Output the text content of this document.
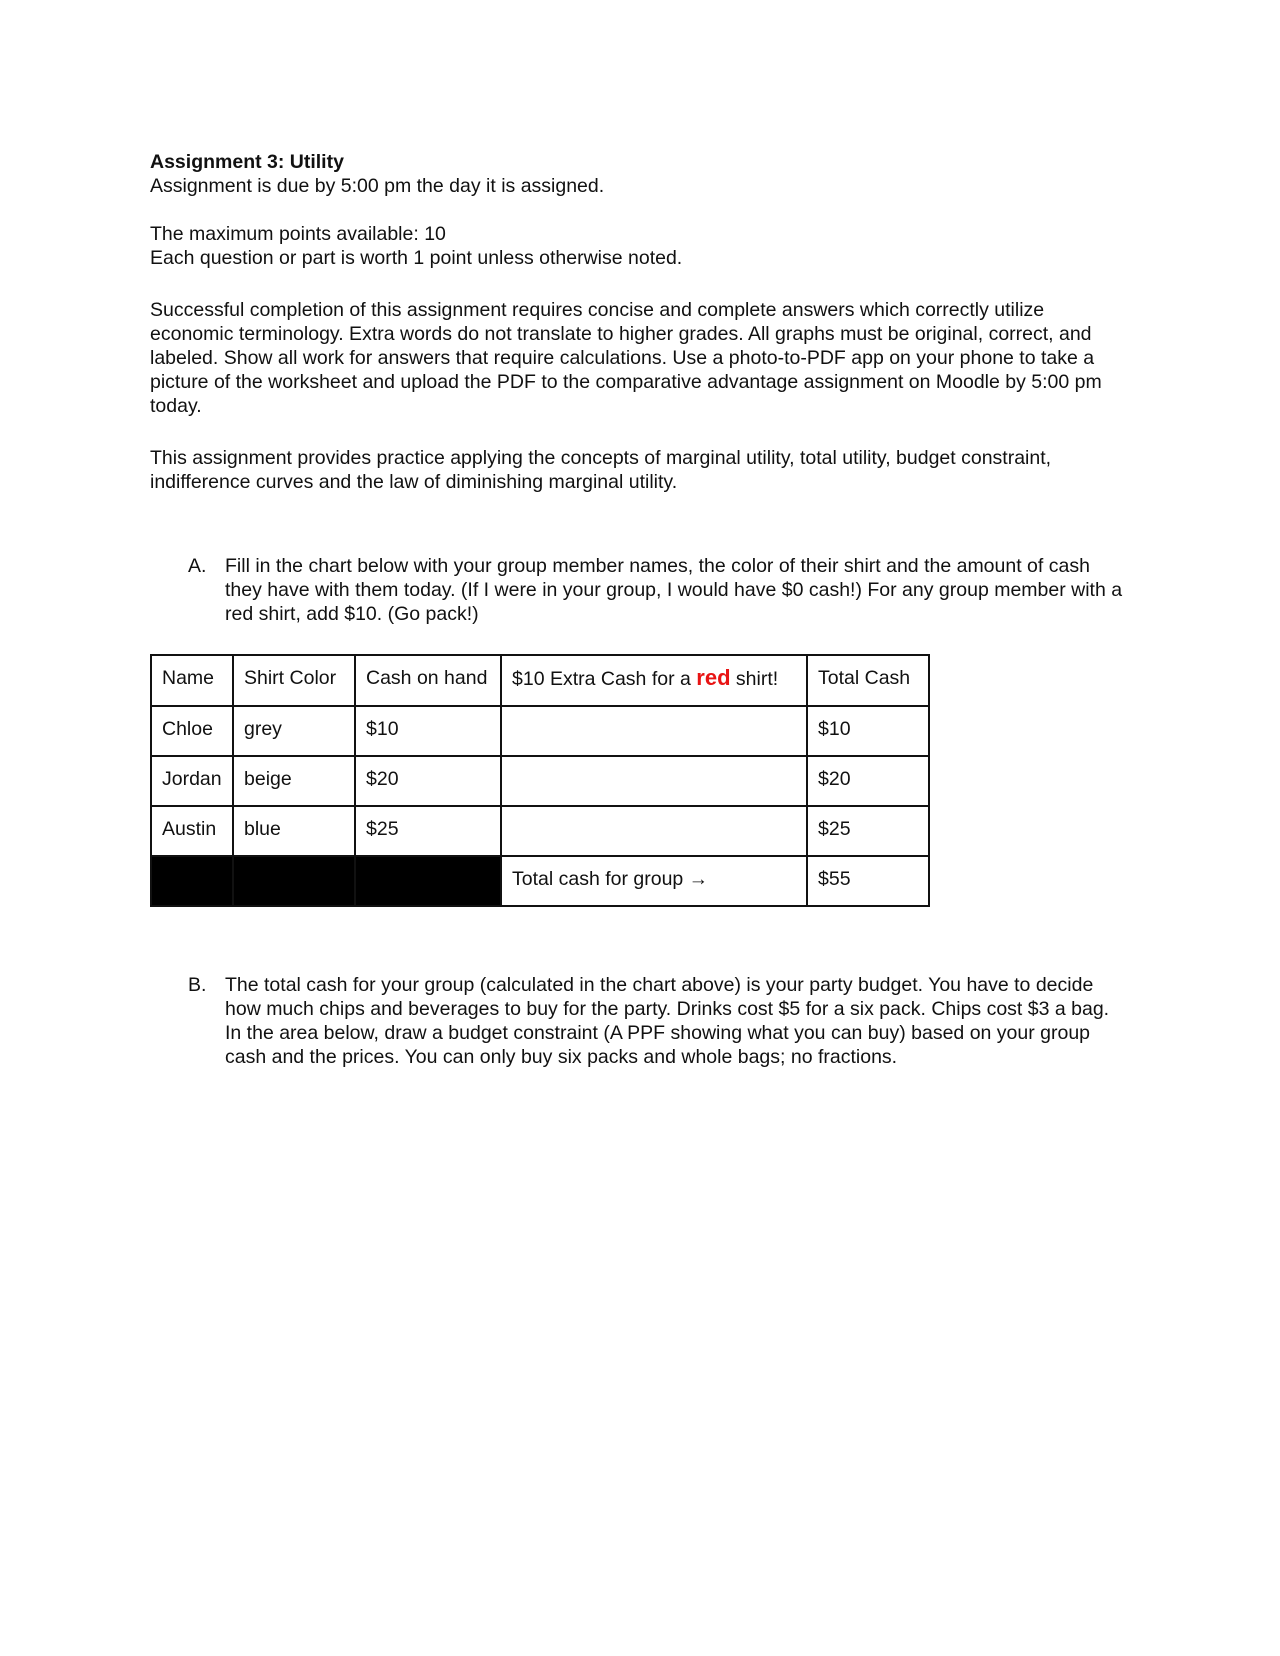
Assignment 3: Utility

Assignment is due by 5:00 pm the day it is assigned.

The maximum points available: 10

Each question or part is worth 1 point unless otherwise noted.

Successful completion of this assignment requires concise and complete answers which correctly utilize economic terminology. Extra words do not translate to higher grades. All graphs must be original, correct, and labeled. Show all work for answers that require calculations. Use a photo-to-PDF app on your phone to take a picture of the worksheet and upload the PDF to the comparative advantage assignment on Moodle by 5:00 pm today.

This assignment provides practice applying the concepts of marginal utility, total utility, budget constraint, indifference curves and the law of diminishing marginal utility.

A. Fill in the chart below with your group member names, the color of their shirt and the amount of cash they have with them today. (If I were in your group, I would have $0 cash!) For any group member with a red shirt, add $10. (Go pack!)
Name	Shirt Color	Cash on hand	$10 Extra Cash for a red shirt!	Total Cash
Chloe	grey	$10		$10
Jordan	beige	$20		$20
Austin	blue	$25		$25
			Total cash for group →	$55
B. The total cash for your group (calculated in the chart above) is your party budget. You have to decide how much chips and beverages to buy for the party. Drinks cost $5 for a six pack. Chips cost $3 a bag. In the area below, draw a budget constraint (A PPF showing what you can buy) based on your group cash and the prices. You can only buy six packs and whole bags; no fractions.
